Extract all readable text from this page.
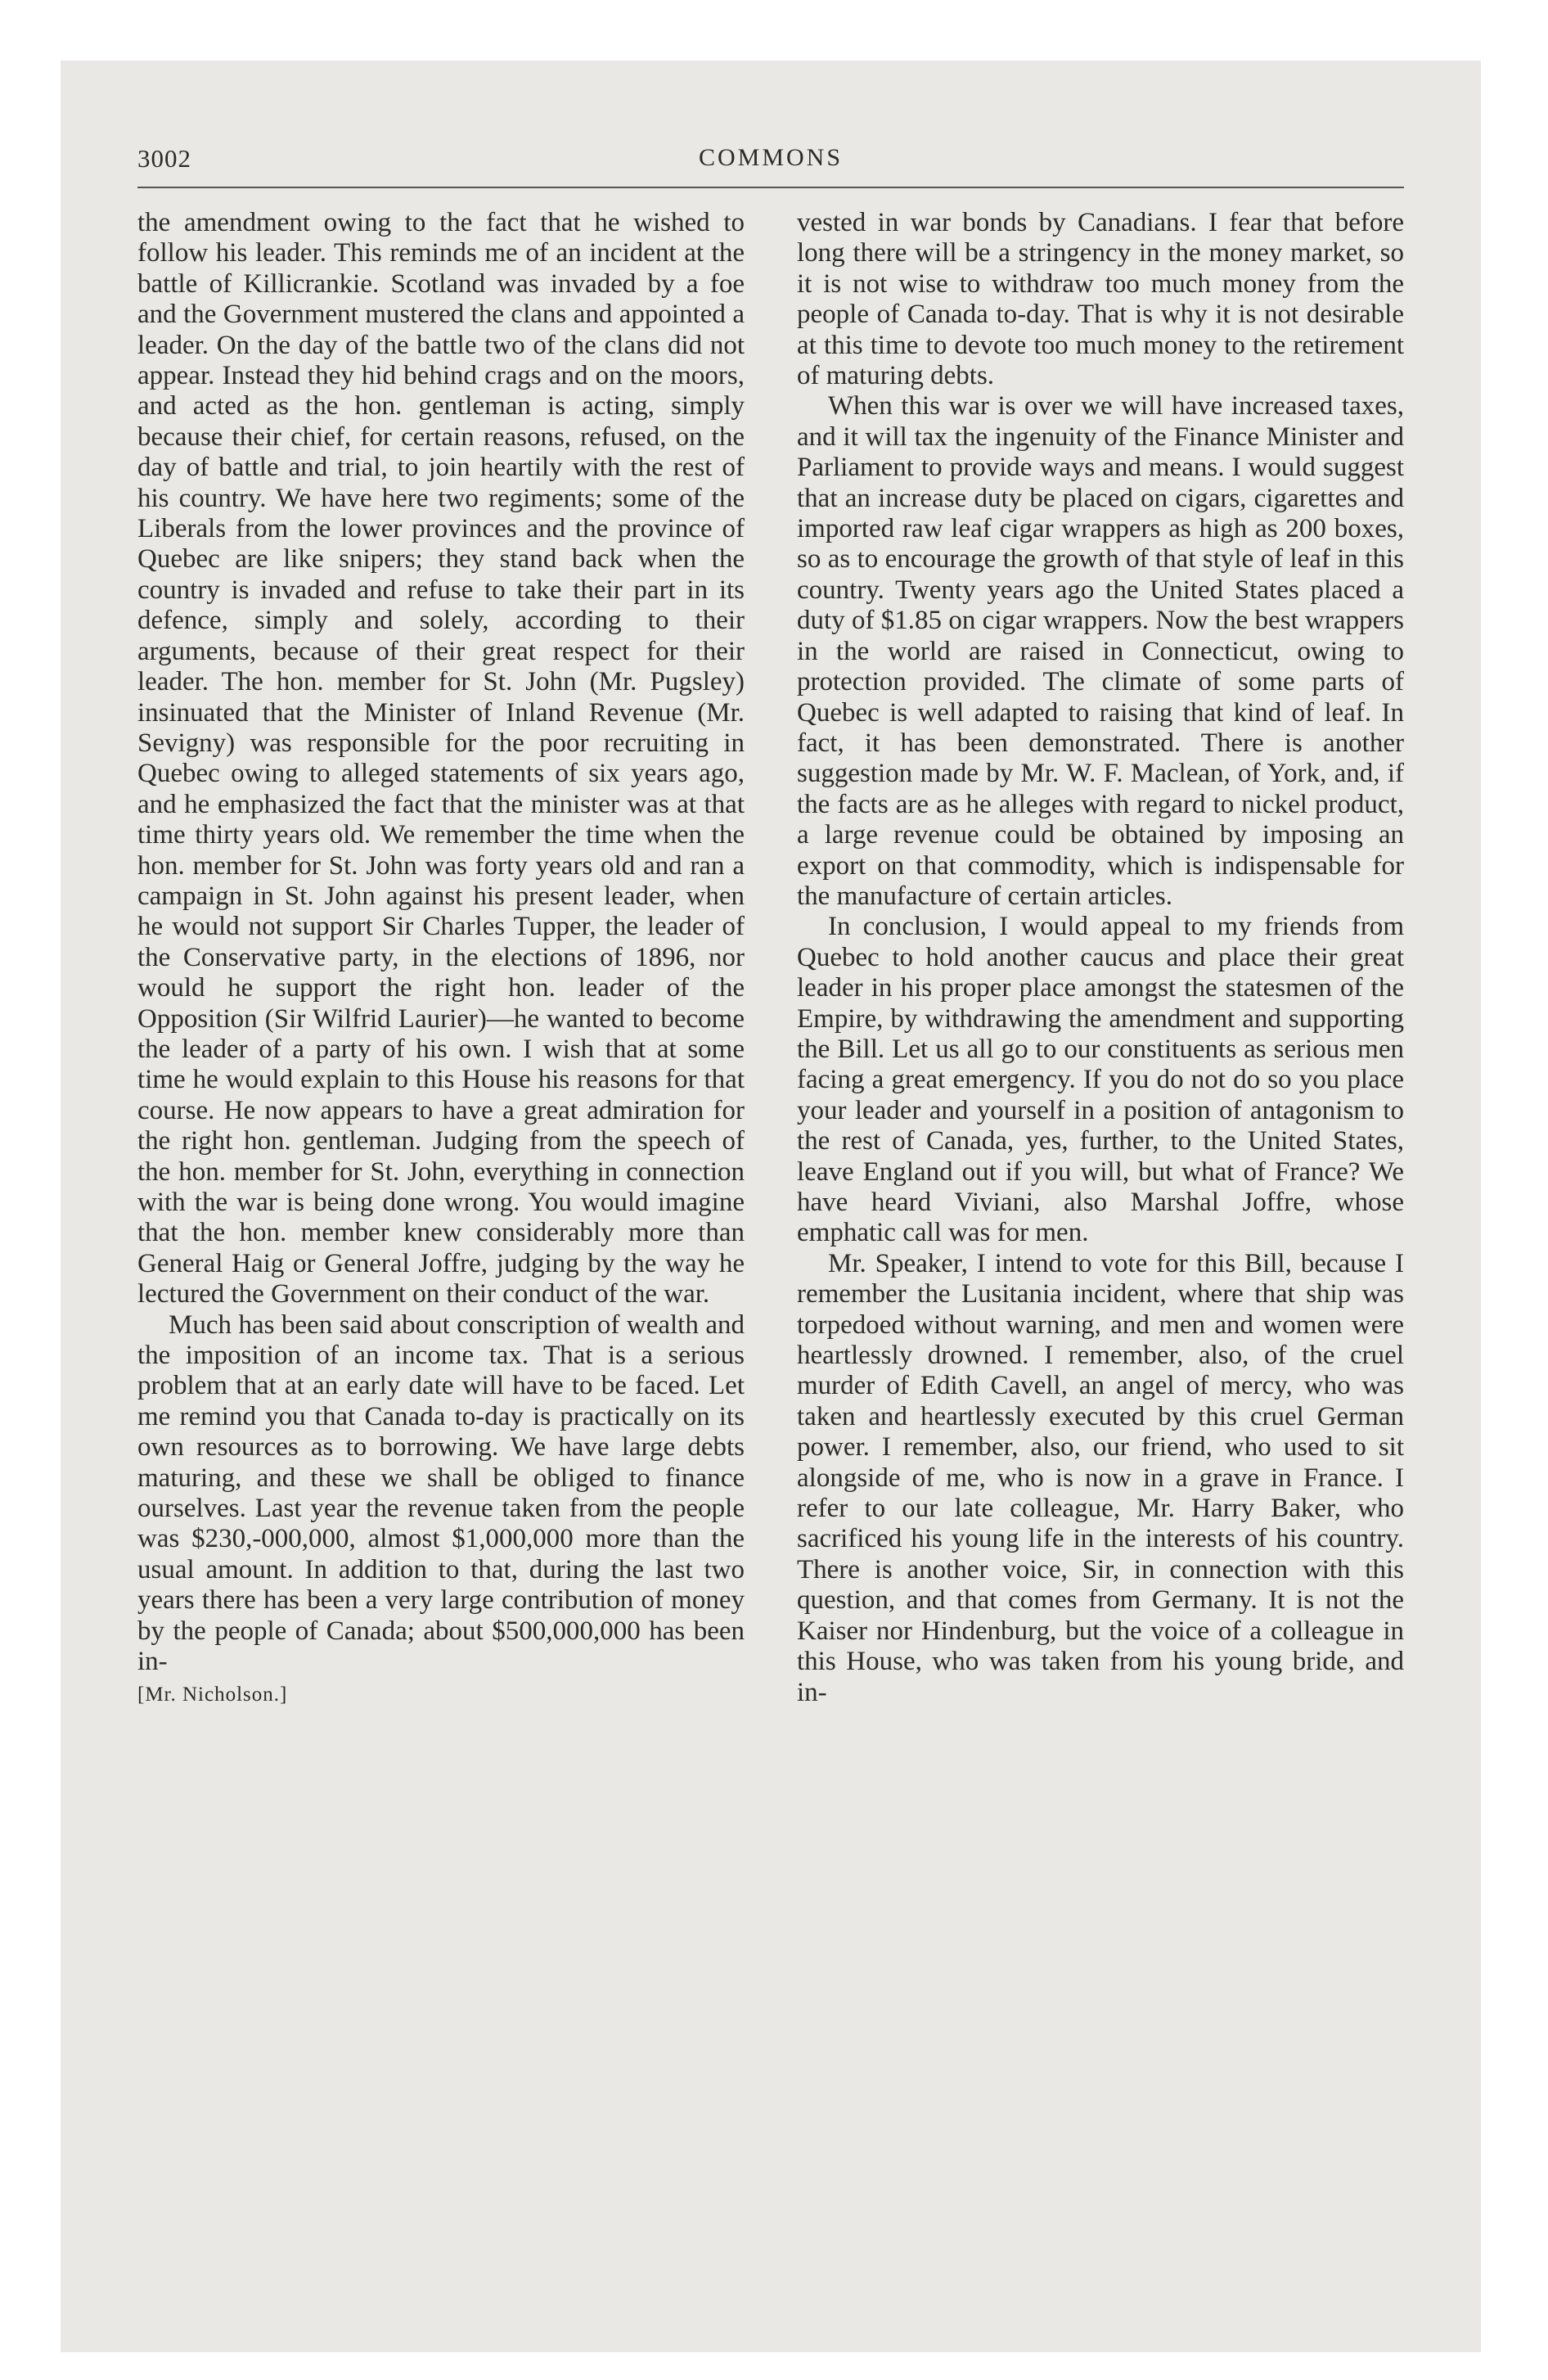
3002	COMMONS

the amendment owing to the fact that he wished to follow his leader. This reminds me of an incident at the battle of Killicrankie. Scotland was invaded by a foe and the Government mustered the clans and appointed a leader. On the day of the battle two of the clans did not appear. Instead they hid behind crags and on the moors, and acted as the hon. gentleman is acting, simply because their chief, for certain reasons, refused, on the day of battle and trial, to join heartily with the rest of his country. We have here two regiments; some of the Liberals from the lower provinces and the province of Quebec are like snipers; they stand back when the country is invaded and refuse to take their part in its defence, simply and solely, according to their arguments, because of their great respect for their leader. The hon. member for St. John (Mr. Pugsley) insinuated that the Minister of Inland Revenue (Mr. Sevigny) was responsible for the poor recruiting in Quebec owing to alleged statements of six years ago, and he emphasized the fact that the minister was at that time thirty years old. We remember the time when the hon. member for St. John was forty years old and ran a campaign in St. John against his present leader, when he would not support Sir Charles Tupper, the leader of the Conservative party, in the elections of 1896, nor would he support the right hon. leader of the Opposition (Sir Wilfrid Laurier)—he wanted to become the leader of a party of his own. I wish that at some time he would explain to this House his reasons for that course. He now appears to have a great admiration for the right hon. gentleman. Judging from the speech of the hon. member for St. John, everything in connection with the war is being done wrong. You would imagine that the hon. member knew considerably more than General Haig or General Joffre, judging by the way he lectured the Government on their conduct of the war.

Much has been said about conscription of wealth and the imposition of an income tax. That is a serious problem that at an early date will have to be faced. Let me remind you that Canada to-day is practically on its own resources as to borrowing. We have large debts maturing, and these we shall be obliged to finance ourselves. Last year the revenue taken from the people was $230,-000,000, almost $1,000,000 more than the usual amount. In addition to that, during the last two years there has been a very large contribution of money by the people of Canada; about $500,000,000 has been in-

[Mr. Nicholson.]

vested in war bonds by Canadians. I fear that before long there will be a stringency in the money market, so it is not wise to withdraw too much money from the people of Canada to-day. That is why it is not desirable at this time to devote too much money to the retirement of maturing debts.

When this war is over we will have increased taxes, and it will tax the ingenuity of the Finance Minister and Parliament to provide ways and means. I would suggest that an increase duty be placed on cigars, cigarettes and imported raw leaf cigar wrappers as high as 200 boxes, so as to encourage the growth of that style of leaf in this country. Twenty years ago the United States placed a duty of $1.85 on cigar wrappers. Now the best wrappers in the world are raised in Connecticut, owing to protection provided. The climate of some parts of Quebec is well adapted to raising that kind of leaf. In fact, it has been demonstrated. There is another suggestion made by Mr. W. F. Maclean, of York, and, if the facts are as he alleges with regard to nickel product, a large revenue could be obtained by imposing an export on that commodity, which is indispensable for the manufacture of certain articles.

In conclusion, I would appeal to my friends from Quebec to hold another caucus and place their great leader in his proper place amongst the statesmen of the Empire, by withdrawing the amendment and supporting the Bill. Let us all go to our constituents as serious men facing a great emergency. If you do not do so you place your leader and yourself in a position of antagonism to the rest of Canada, yes, further, to the United States, leave England out if you will, but what of France? We have heard Viviani, also Marshal Joffre, whose emphatic call was for men.

Mr. Speaker, I intend to vote for this Bill, because I remember the Lusitania incident, where that ship was torpedoed without warning, and men and women were heartlessly drowned. I remember, also, of the cruel murder of Edith Cavell, an angel of mercy, who was taken and heartlessly executed by this cruel German power. I remember, also, our friend, who used to sit alongside of me, who is now in a grave in France. I refer to our late colleague, Mr. Harry Baker, who sacrificed his young life in the interests of his country. There is another voice, Sir, in connection with this question, and that comes from Germany. It is not the Kaiser nor Hindenburg, but the voice of a colleague in this House, who was taken from his young bride, and in-
